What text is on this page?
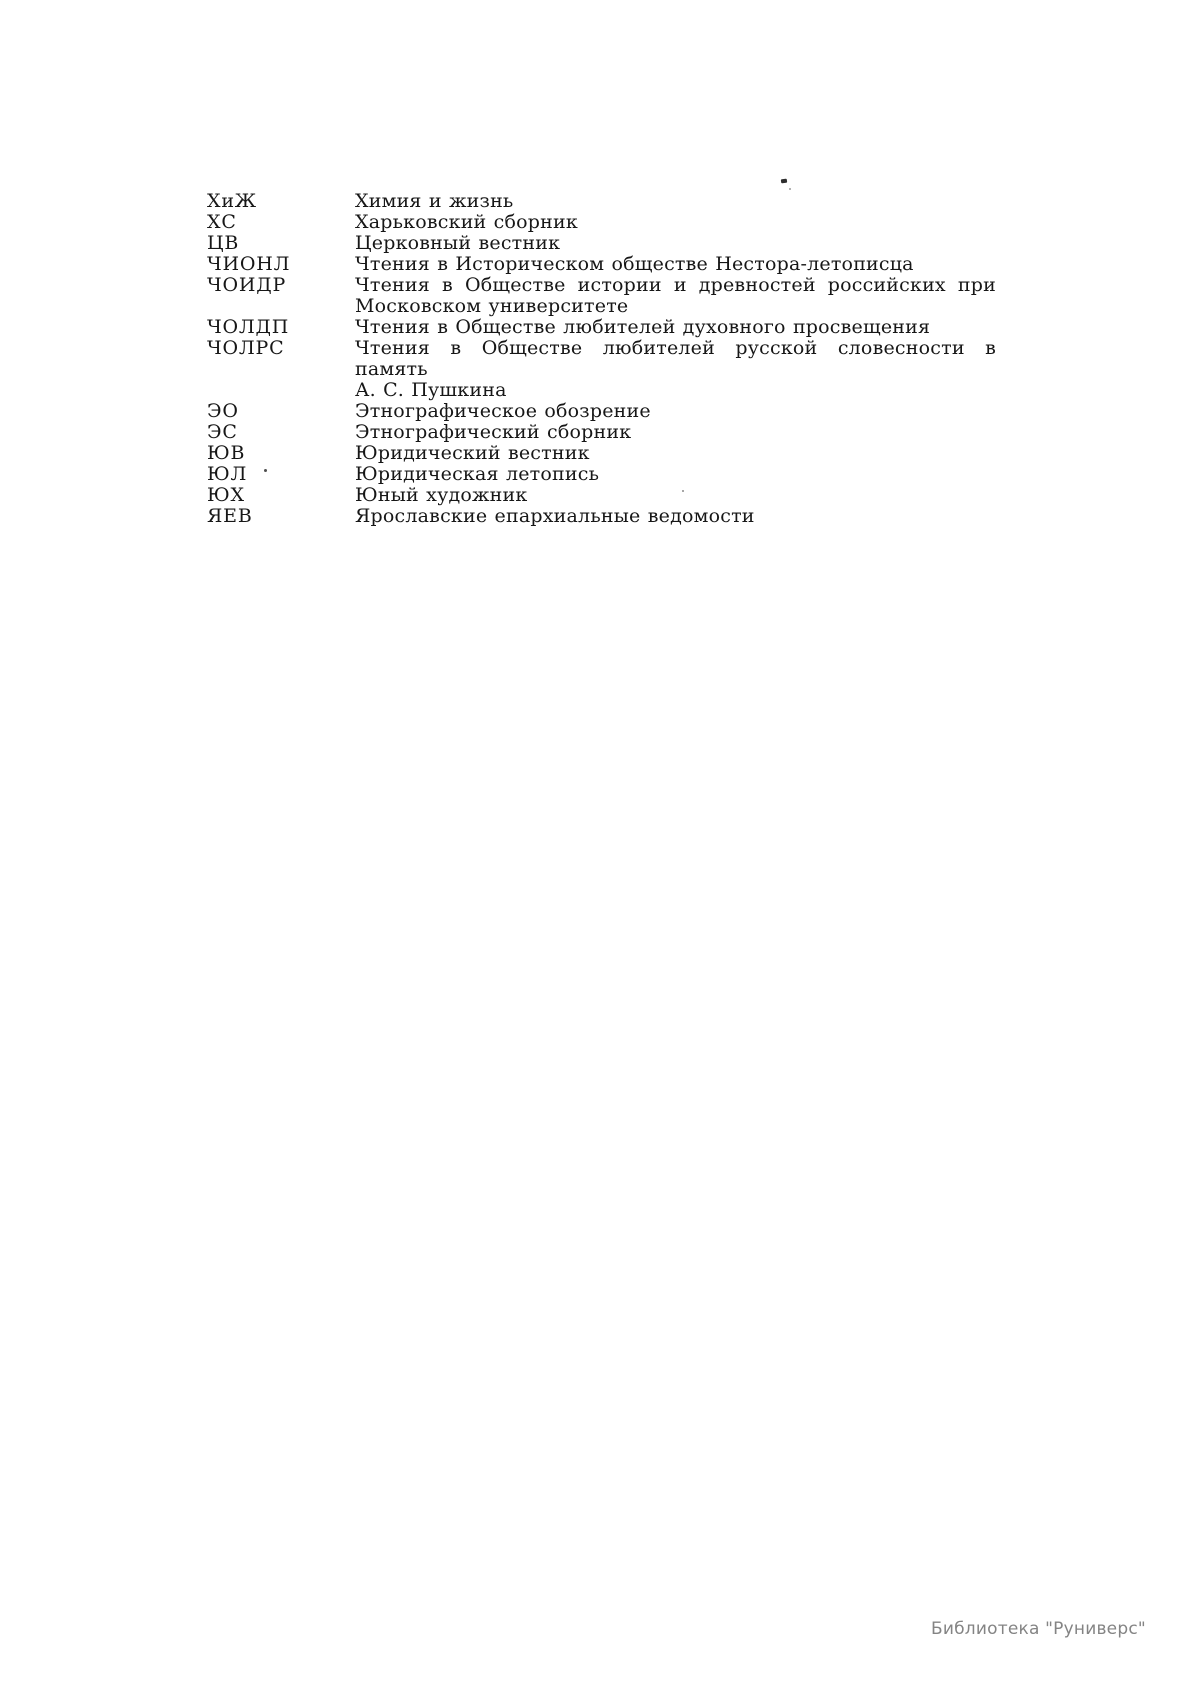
ХиЖ	Химия и жизнь
ХС	Харьковский сборник
ЦВ	Церковный вестник
ЧИОНЛ	Чтения в Историческом обществе Нестора-летописца
ЧОИДР	Чтения в Обществе истории и древностей российских при
Московском университете
ЧОЛДП	Чтения в Обществе любителей духовного просвещения
ЧОЛРС	Чтения в Обществе любителей русской словесности в память
А. С. Пушкина
ЭО	Этнографическое обозрение
ЭС	Этнографический сборник
ЮВ	Юридический вестник
ЮЛ	Юридическая летопись
ЮХ	Юный художник
ЯЕВ	Ярославские епархиальные ведомости
Библиотека "Руниверс"
